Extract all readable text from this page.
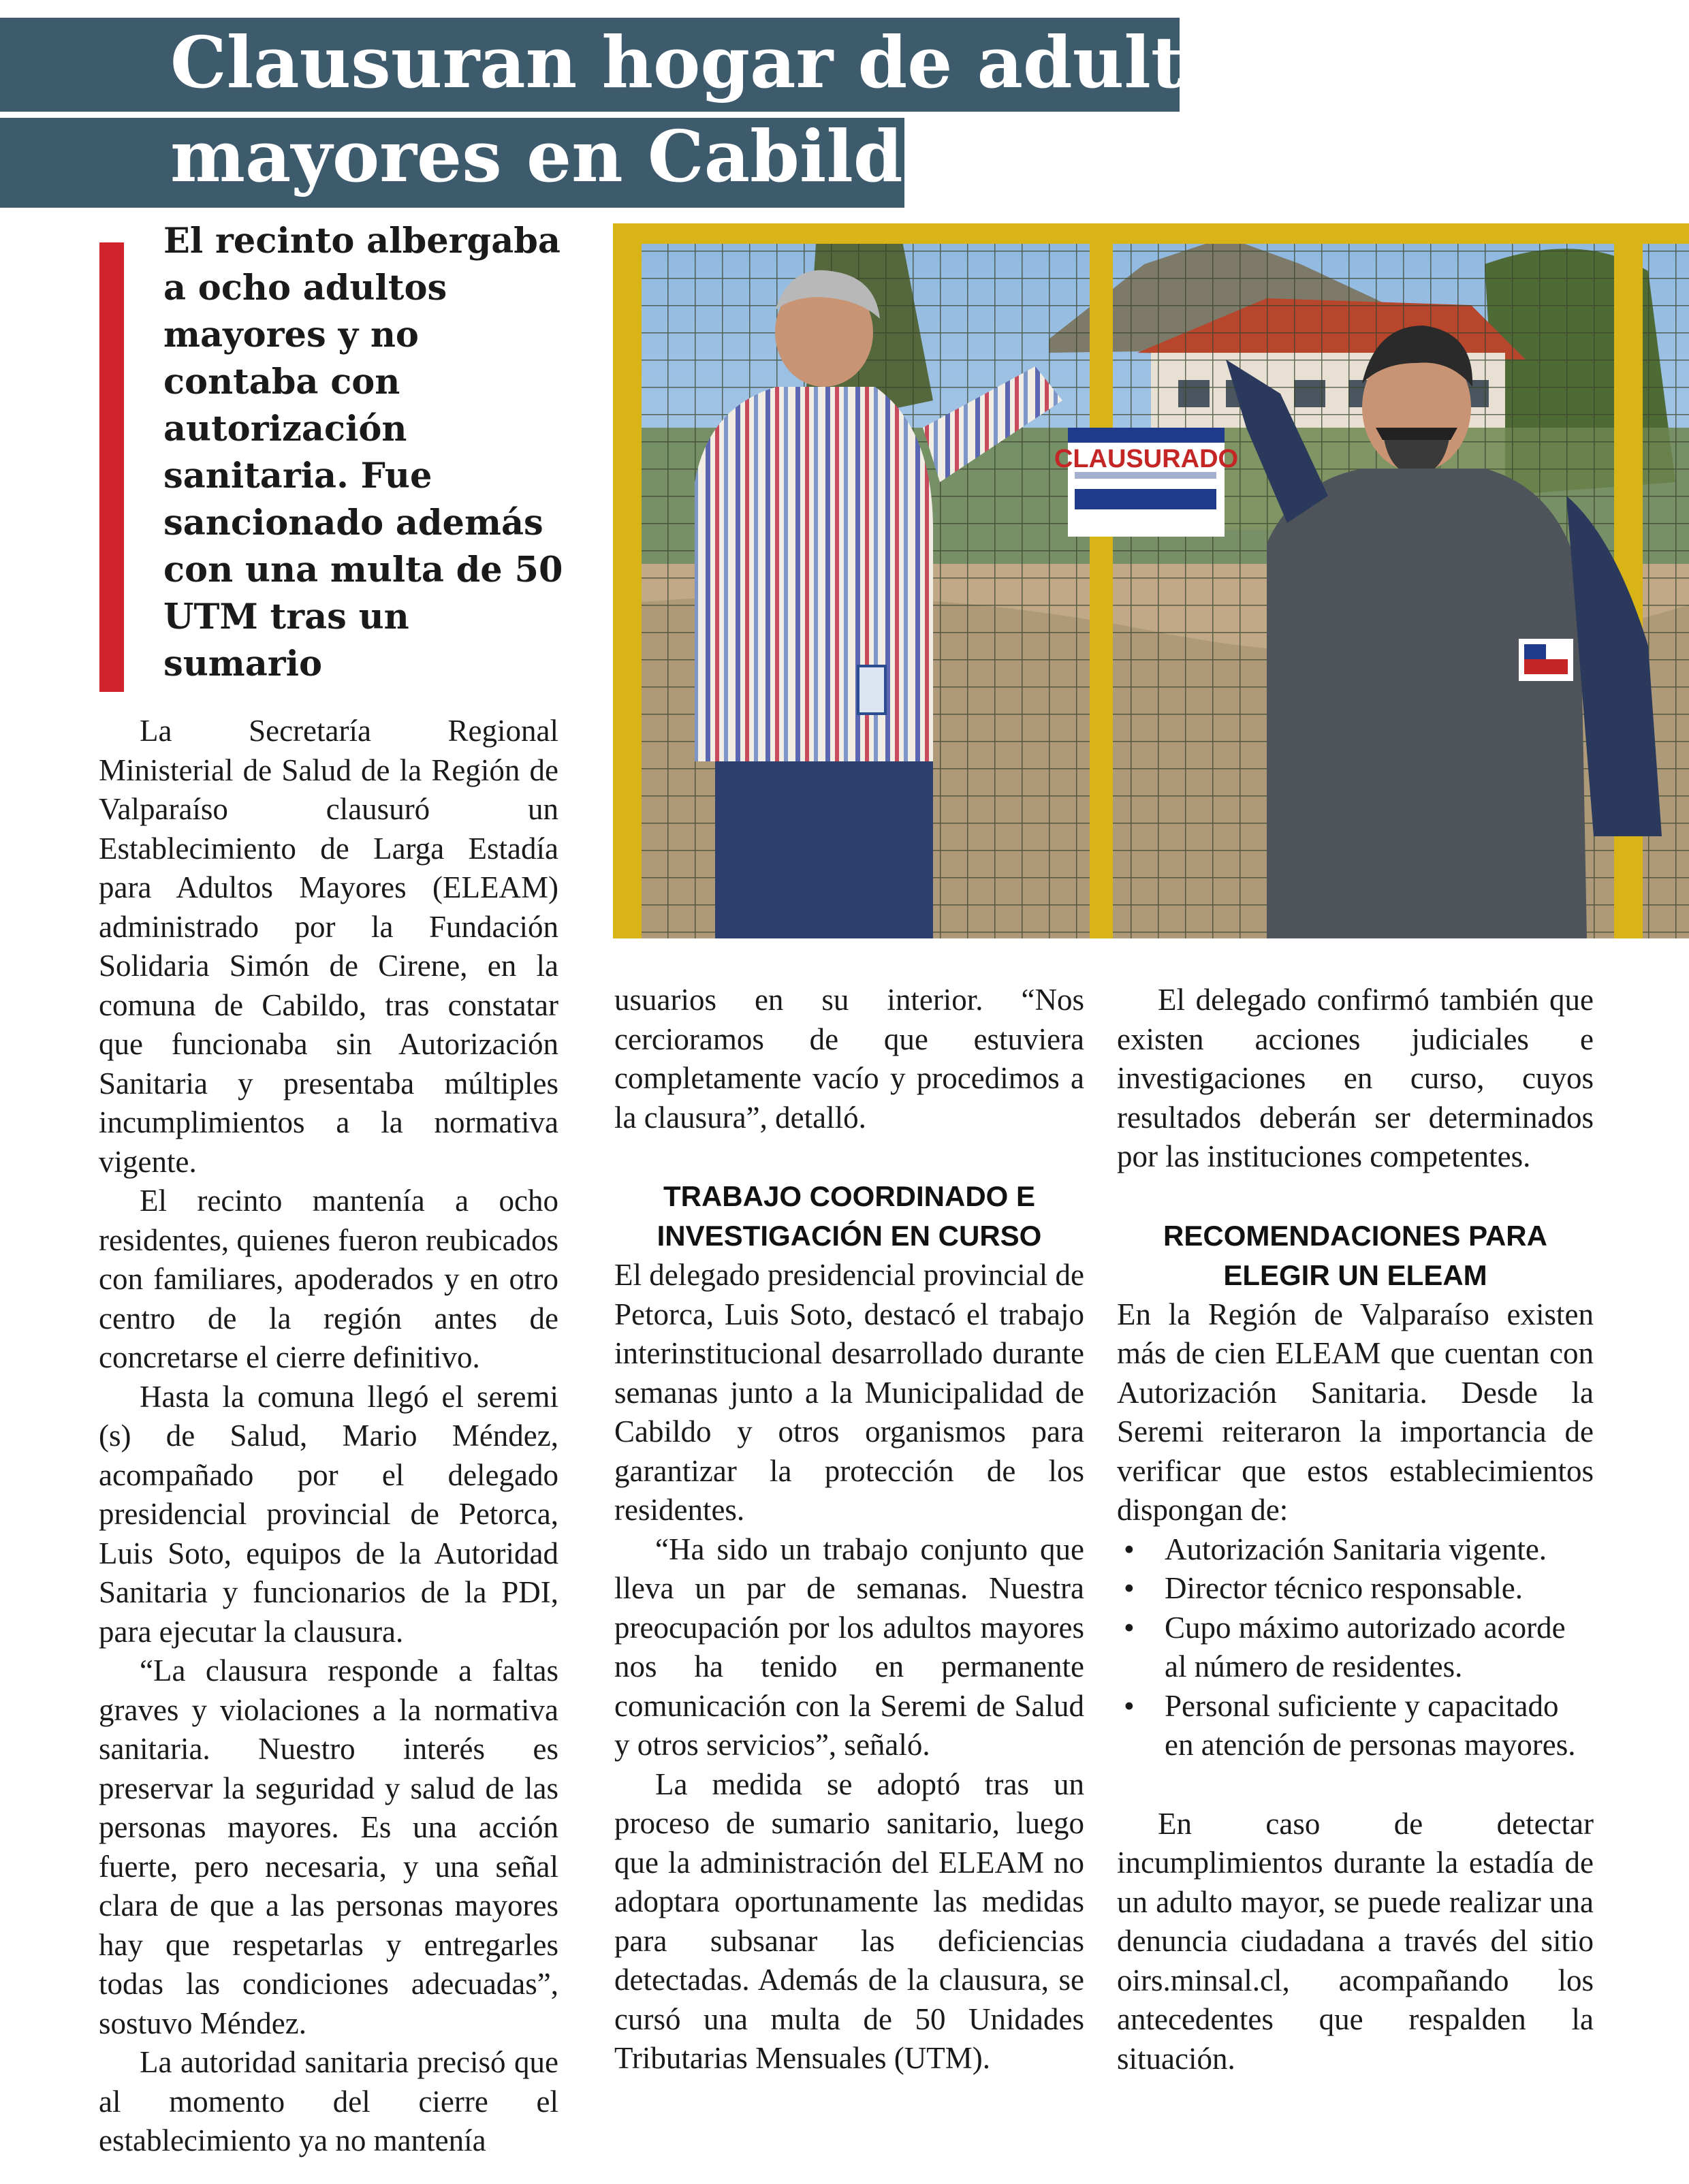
Clausuran hogar de adultos
mayores en Cabildo

El recinto albergaba a ocho adultos mayores y no contaba con autorización sanitaria. Fue sancionado además con una multa de 50 UTM tras un sumario

CLAUSURADO

La Secretaría Regional Ministerial de Salud de la Región de Valparaíso clausuró un Establecimiento de Larga Estadía para Adultos Mayores (ELEAM) administrado por la Fundación Solidaria Simón de Cirene, en la comuna de Cabildo, tras constatar que funcionaba sin Autorización Sanitaria y presentaba múltiples incumplimientos a la normativa vigente.

El recinto mantenía a ocho residentes, quienes fueron reubicados con familiares, apoderados y en otro centro de la región antes de concretarse el cierre definitivo.

Hasta la comuna llegó el seremi (s) de Salud, Mario Méndez, acompañado por el delegado presidencial provincial de Petorca, Luis Soto, equipos de la Autoridad Sanitaria y funcionarios de la PDI, para ejecutar la clausura.

“La clausura responde a faltas graves y violaciones a la normativa sanitaria. Nuestro interés es preservar la seguridad y salud de las personas mayores. Es una acción fuerte, pero necesaria, y una señal clara de que a las personas mayores hay que respetarlas y entregarles todas las condiciones adecuadas”, sostuvo Méndez.

La autoridad sanitaria precisó que al momento del cierre el establecimiento ya no mantenía

usuarios en su interior. “Nos cercioramos de que estuviera completamente vacío y procedimos a la clausura”, detalló.

TRABAJO COORDINADO E INVESTIGACIÓN EN CURSO

El delegado presidencial provincial de Petorca, Luis Soto, destacó el trabajo interinstitucional desarrollado durante semanas junto a la Municipalidad de Cabildo y otros organismos para garantizar la protección de los residentes.

“Ha sido un trabajo conjunto que lleva un par de semanas. Nuestra preocupación por los adultos mayores nos ha tenido en permanente comunicación con la Seremi de Salud y otros servicios”, señaló.

La medida se adoptó tras un proceso de sumario sanitario, luego que la administración del ELEAM no adoptara oportunamente las medidas para subsanar las deficiencias detectadas. Además de la clausura, se cursó una multa de 50 Unidades Tributarias Mensuales (UTM).

El delegado confirmó también que existen acciones judiciales e investigaciones en curso, cuyos resultados deberán ser determinados por las instituciones competentes.

RECOMENDACIONES PARA ELEGIR UN ELEAM

En la Región de Valparaíso existen más de cien ELEAM que cuentan con Autorización Sanitaria. Desde la Seremi reiteraron la importancia de verificar que estos establecimientos dispongan de:

• Autorización Sanitaria vigente.
• Director técnico responsable.
• Cupo máximo autorizado acorde al número de residentes.
• Personal suficiente y capacitado en atención de personas mayores.

En caso de detectar incumplimientos durante la estadía de un adulto mayor, se puede realizar una denuncia ciudadana a través del sitio oirs.minsal.cl, acompañando los antecedentes que respalden la situación.
